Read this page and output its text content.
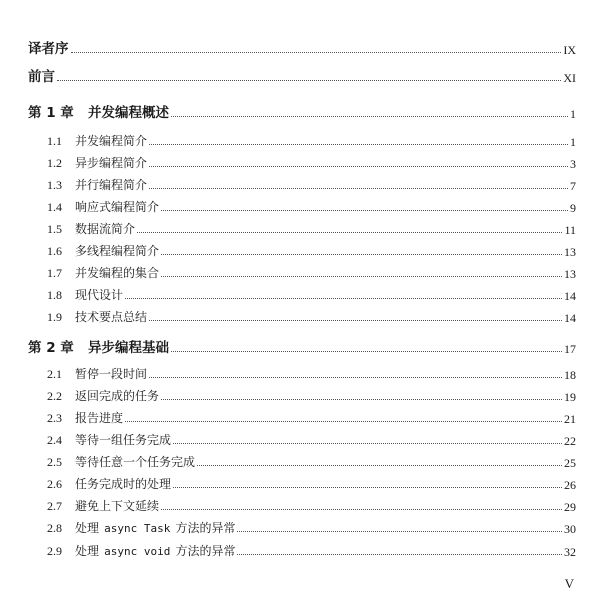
译者序	IX
前言	XI
第 1 章 并发编程概述	1
1.1 并发编程简介	1
1.2 异步编程简介	3
1.3 并行编程简介	7
1.4 响应式编程简介	9
1.5 数据流简介	11
1.6 多线程编程简介	13
1.7 并发编程的集合	13
1.8 现代设计	14
1.9 技术要点总结	14
第 2 章 异步编程基础	17
2.1 暂停一段时间	18
2.2 返回完成的任务	19
2.3 报告进度	21
2.4 等待一组任务完成	22
2.5 等待任意一个任务完成	25
2.6 任务完成时的处理	26
2.7 避免上下文延续	29
2.8 处理 async Task 方法的异常	30
2.9 处理 async void 方法的异常	32
V
